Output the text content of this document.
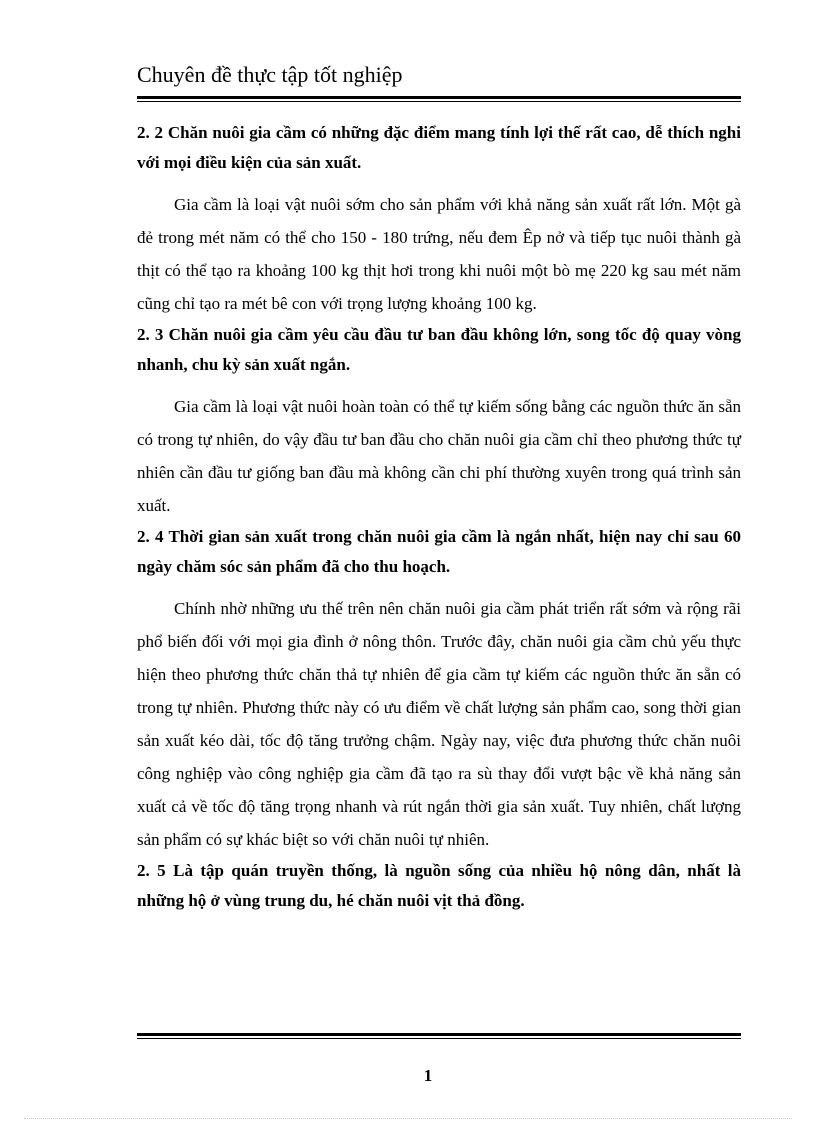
Chuyên đề thực tập tốt nghiệp

2. 2 Chăn nuôi gia cầm có những đặc điểm mang tính lợi thế rất cao, dễ thích nghi với mọi điều kiện của sản xuất.

Gia cầm là loại vật nuôi sớm cho sản phẩm với khả năng sản xuất rất lớn. Một gà đẻ trong mét năm có thể cho 150 - 180 trứng, nếu đem Êp nở và tiếp tục nuôi thành gà thịt có thể tạo ra khoảng 100 kg thịt hơi trong khi nuôi một bò mẹ 220 kg sau mét năm cũng chỉ tạo ra mét bê con với trọng lượng khoảng 100 kg.

2. 3 Chăn nuôi gia cầm yêu cầu đầu tư ban đầu không lớn, song tốc độ quay vòng nhanh, chu kỳ sản xuất ngắn.

Gia cầm là loại vật nuôi hoàn toàn có thể tự kiếm sống bằng các nguồn thức ăn sẵn có trong tự nhiên, do vậy đầu tư ban đầu cho chăn nuôi gia cầm chỉ theo phương thức tự nhiên cần đầu tư giống ban đầu mà không cần chi phí thường xuyên trong quá trình sản xuất.

2. 4 Thời gian sản xuất trong chăn nuôi gia cầm là ngắn nhất, hiện nay chỉ sau 60 ngày chăm sóc sản phẩm đã cho thu hoạch.

Chính nhờ những ưu thế trên nên chăn nuôi gia cầm phát triển rất sớm và rộng rãi phổ biến đối với mọi gia đình ở nông thôn. Trước đây, chăn nuôi gia cầm chủ yếu thực hiện theo phương thức chăn thả tự nhiên để gia cầm tự kiếm các nguồn thức ăn sẵn có trong tự nhiên. Phương thức này có ưu điểm về chất lượng sản phẩm cao, song thời gian sản xuất kéo dài, tốc độ tăng trưởng chậm. Ngày nay, việc đưa phương thức chăn nuôi công nghiệp vào công nghiệp gia cầm đã tạo ra sù thay đổi vượt bậc về khả năng sản xuất cả về tốc độ tăng trọng nhanh và rút ngắn thời gia sản xuất. Tuy nhiên, chất lượng sản phẩm có sự khác biệt so với chăn nuôi tự nhiên.

2. 5 Là tập quán truyền thống, là nguồn sống của nhiều hộ nông dân, nhất là những hộ ở vùng trung du, hé chăn nuôi vịt thả đồng.

1
